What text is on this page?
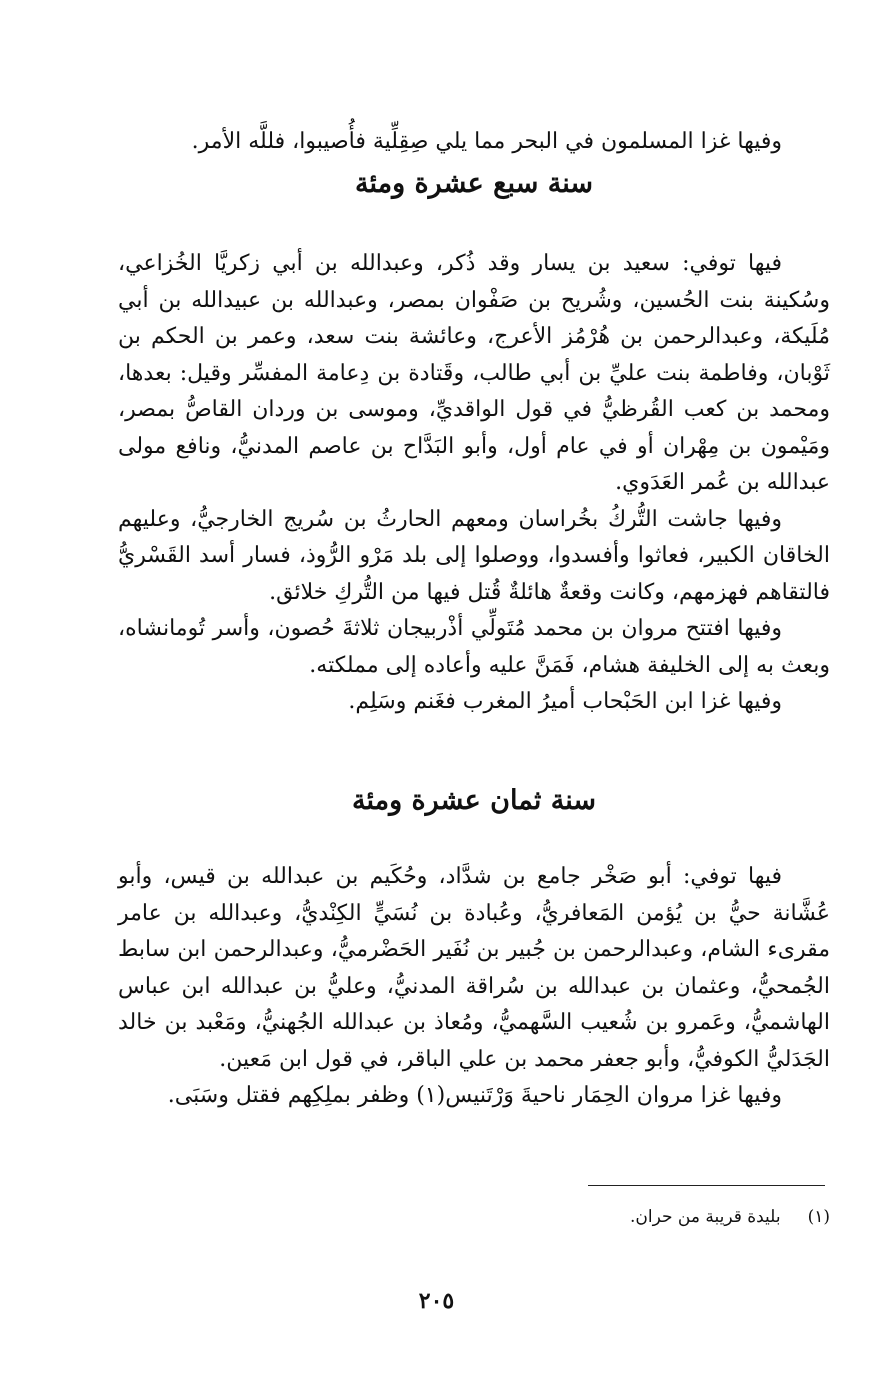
وفيها غزا المسلمون في البحر مما يلي صِقِلِّية فأُصيبوا، فللَّه الأمر.

سنة سبع عشرة ومئة

فيها توفي: سعيد بن يسار وقد ذُكر، وعبدالله بن أبي زكريَّا الخُزاعي، وسُكينة بنت الحُسين، وشُريح بن صَفْوان بمصر، وعبدالله بن عبيدالله بن أبي مُلَيكة، وعبدالرحمن بن هُرْمُز الأعرج، وعائشة بنت سعد، وعمر بن الحكم بن ثَوْبان، وفاطمة بنت عليِّ بن أبي طالب، وقَتادة بن دِعامة المفسِّر وقيل: بعدها، ومحمد بن كعب القُرظيُّ في قول الواقديِّ، وموسى بن وردان القاصُّ بمصر، ومَيْمون بن مِهْران أو في عام أول، وأبو البَدَّاح بن عاصم المدنيُّ، ونافع مولى عبدالله بن عُمر العَدَوي.

وفيها جاشت التُّركُ بخُراسان ومعهم الحارثُ بن سُريج الخارجيُّ، وعليهم الخاقان الكبير، فعاثوا وأفسدوا، ووصلوا إلى بلد مَرْو الرُّوذ، فسار أسد القَسْريُّ فالتقاهم فهزمهم، وكانت وقعةٌ هائلةٌ قُتل فيها من التُّركِ خلائق.

وفيها افتتح مروان بن محمد مُتَولِّي أذْربيجان ثلاثةَ حُصون، وأسر تُومانشاه، وبعث به إلى الخليفة هشام، فَمَنَّ عليه وأعاده إلى مملكته.

وفيها غزا ابن الحَبْحاب أميرُ المغرب فغَنم وسَلِم.

سنة ثمان عشرة ومئة

فيها توفي: أبو صَخْر جامع بن شدَّاد، وحُكَيم بن عبدالله بن قيس، وأبو عُشَّانة حيُّ بن يُؤمن المَعافريُّ، وعُبادة بن نُسَيٍّ الكِنْديُّ، وعبدالله بن عامر مقرىء الشام، وعبدالرحمن بن جُبير بن نُفَير الحَضْرميُّ، وعبدالرحمن ابن سابط الجُمحيُّ، وعثمان بن عبدالله بن سُراقة المدنيُّ، وعليُّ بن عبدالله ابن عباس الهاشميُّ، وعَمرو بن شُعيب السَّهميُّ، ومُعاذ بن عبدالله الجُهنيُّ، ومَعْبد بن خالد الجَدَليُّ الكوفيُّ، وأبو جعفر محمد بن علي الباقر، في قول ابن مَعين.

وفيها غزا مروان الحِمَار ناحيةَ وَرْتَنيس(١) وظفر بملِكِهم فقتل وسَبَى.

(١)     بليدة قريبة من حران.

٢٠٥
